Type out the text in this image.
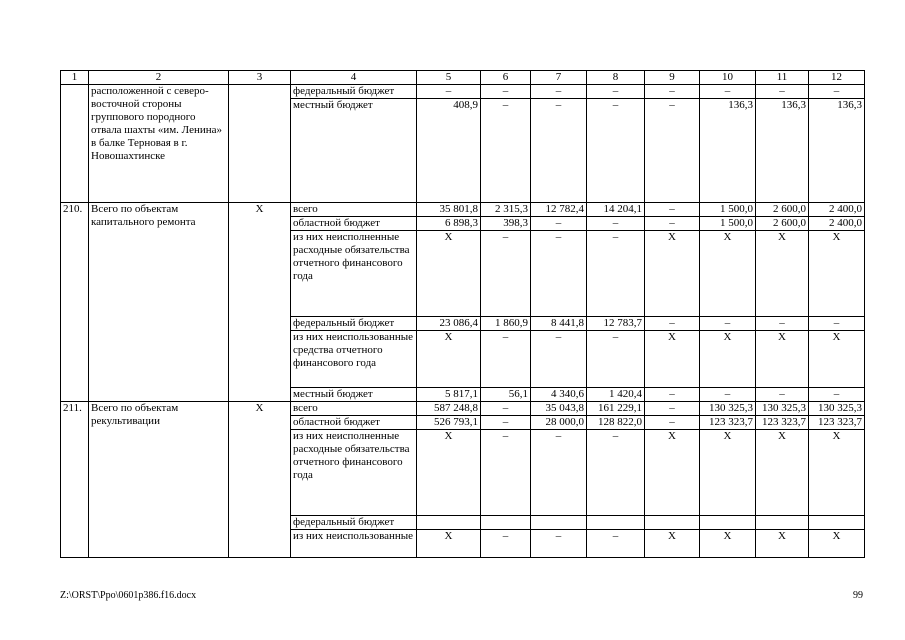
1	2	3	4	5	6	7	8	9	10	11	12
	расположенной с северо-восточной стороны группового породного отвала шахты «им. Ленина» в балке Терновая в г. Новошахтинске		федеральный бюджет	–	–	–	–	–	–	–	–
			местный бюджет	408,9	–	–	–	–	136,3	136,3	136,3
210.	Всего по объектам капитального ремонта	Х	всего	35 801,8	2 315,3	12 782,4	14 204,1	–	1 500,0	2 600,0	2 400,0
			областной бюджет	6 898,3	398,3	–	–	–	1 500,0	2 600,0	2 400,0
			из них неисполненные расходные обязательства отчетного финансового года	Х	–	–	–	Х	Х	Х	Х
			федеральный бюджет	23 086,4	1 860,9	8 441,8	12 783,7	–	–	–	–
			из них неиспользованные средства отчетного финансового года	Х	–	–	–	Х	Х	Х	Х
			местный бюджет	5 817,1	56,1	4 340,6	1 420,4	–	–	–	–
211.	Всего по объектам рекультивации	Х	всего	587 248,8	–	35 043,8	161 229,1	–	130 325,3	130 325,3	130 325,3
			областной бюджет	526 793,1	–	28 000,0	128 822,0	–	123 323,7	123 323,7	123 323,7
			из них неисполненные расходные обязательства отчетного финансового года	Х	–	–	–	Х	Х	Х	Х
			федеральный бюджет								
			из них неиспользованные	Х	–	–	–	Х	Х	Х	Х
Z:\ORST\Ppo\0601p386.f16.docx	99
